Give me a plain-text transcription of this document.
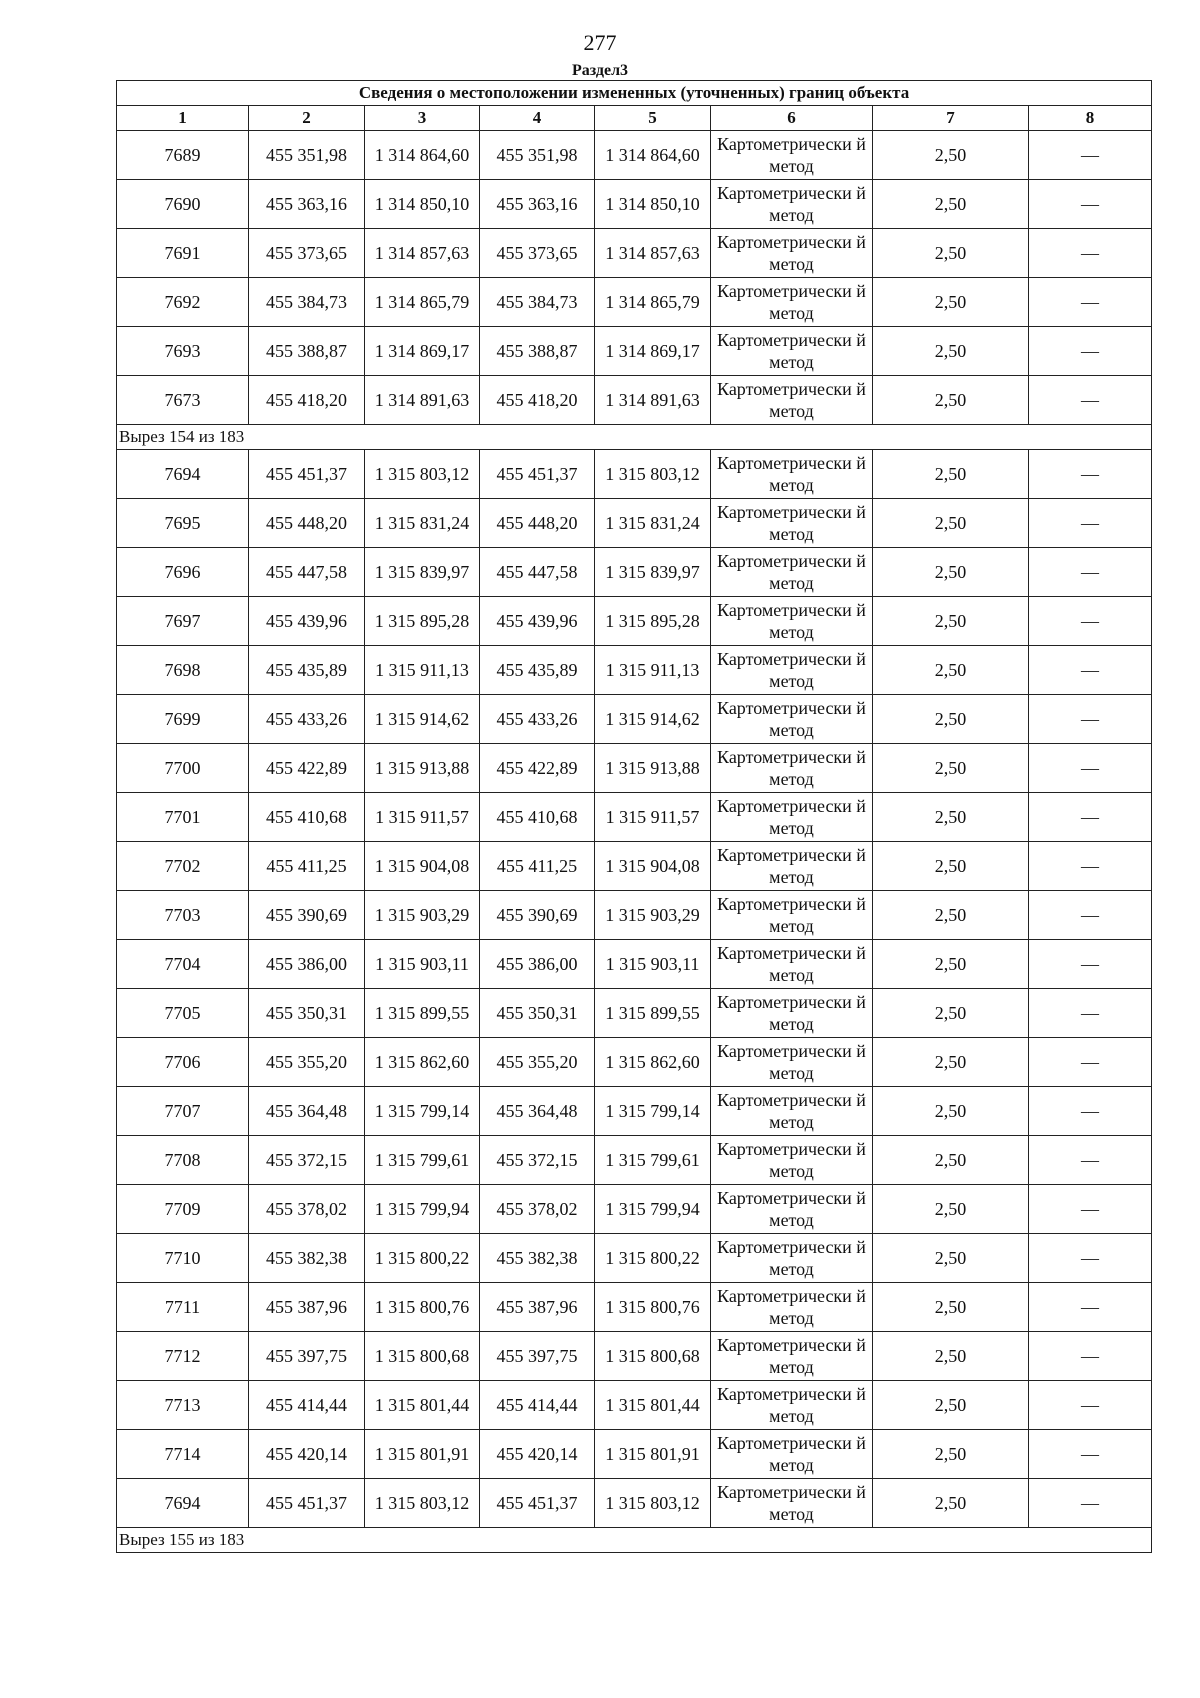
277
Раздел3
Сведения о местоположении измененных (уточненных) границ объекта							
1	2	3	4	5	6	7	8
7689	455 351,98	1 314 864,60	455 351,98	1 314 864,60	Картометрически й метод	2,50	—
7690	455 363,16	1 314 850,10	455 363,16	1 314 850,10	Картометрически й метод	2,50	—
7691	455 373,65	1 314 857,63	455 373,65	1 314 857,63	Картометрически й метод	2,50	—
7692	455 384,73	1 314 865,79	455 384,73	1 314 865,79	Картометрически й метод	2,50	—
7693	455 388,87	1 314 869,17	455 388,87	1 314 869,17	Картометрически й метод	2,50	—
7673	455 418,20	1 314 891,63	455 418,20	1 314 891,63	Картометрически й метод	2,50	—
Вырез 154 из 183							
7694	455 451,37	1 315 803,12	455 451,37	1 315 803,12	Картометрически й метод	2,50	—
7695	455 448,20	1 315 831,24	455 448,20	1 315 831,24	Картометрически й метод	2,50	—
7696	455 447,58	1 315 839,97	455 447,58	1 315 839,97	Картометрически й метод	2,50	—
7697	455 439,96	1 315 895,28	455 439,96	1 315 895,28	Картометрически й метод	2,50	—
7698	455 435,89	1 315 911,13	455 435,89	1 315 911,13	Картометрически й метод	2,50	—
7699	455 433,26	1 315 914,62	455 433,26	1 315 914,62	Картометрически й метод	2,50	—
7700	455 422,89	1 315 913,88	455 422,89	1 315 913,88	Картометрически й метод	2,50	—
7701	455 410,68	1 315 911,57	455 410,68	1 315 911,57	Картометрически й метод	2,50	—
7702	455 411,25	1 315 904,08	455 411,25	1 315 904,08	Картометрически й метод	2,50	—
7703	455 390,69	1 315 903,29	455 390,69	1 315 903,29	Картометрически й метод	2,50	—
7704	455 386,00	1 315 903,11	455 386,00	1 315 903,11	Картометрически й метод	2,50	—
7705	455 350,31	1 315 899,55	455 350,31	1 315 899,55	Картометрически й метод	2,50	—
7706	455 355,20	1 315 862,60	455 355,20	1 315 862,60	Картометрически й метод	2,50	—
7707	455 364,48	1 315 799,14	455 364,48	1 315 799,14	Картометрически й метод	2,50	—
7708	455 372,15	1 315 799,61	455 372,15	1 315 799,61	Картометрически й метод	2,50	—
7709	455 378,02	1 315 799,94	455 378,02	1 315 799,94	Картометрически й метод	2,50	—
7710	455 382,38	1 315 800,22	455 382,38	1 315 800,22	Картометрически й метод	2,50	—
7711	455 387,96	1 315 800,76	455 387,96	1 315 800,76	Картометрически й метод	2,50	—
7712	455 397,75	1 315 800,68	455 397,75	1 315 800,68	Картометрически й метод	2,50	—
7713	455 414,44	1 315 801,44	455 414,44	1 315 801,44	Картометрически й метод	2,50	—
7714	455 420,14	1 315 801,91	455 420,14	1 315 801,91	Картометрически й метод	2,50	—
7694	455 451,37	1 315 803,12	455 451,37	1 315 803,12	Картометрически й метод	2,50	—
Вырез 155 из 183							
